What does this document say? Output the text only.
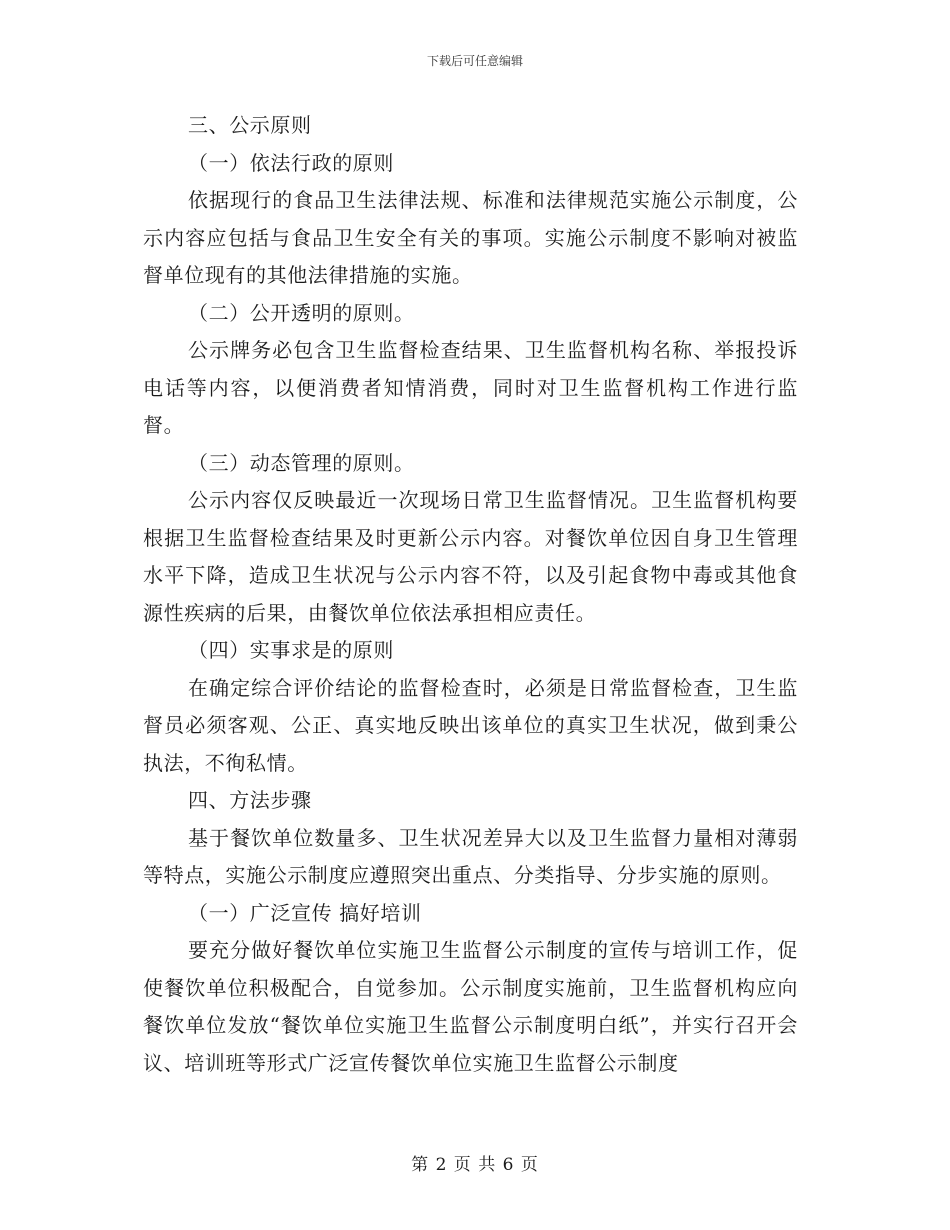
下载后可任意编辑

三、公示原则

（一）依法行政的原则

依据现行的食品卫生法律法规、标准和法律规范实施公示制度，公示内容应包括与食品卫生安全有关的事项。实施公示制度不影响对被监督单位现有的其他法律措施的实施。

（二）公开透明的原则。

公示牌务必包含卫生监督检查结果、卫生监督机构名称、举报投诉电话等内容，以便消费者知情消费，同时对卫生监督机构工作进行监督。

（三）动态管理的原则。

公示内容仅反映最近一次现场日常卫生监督情况。卫生监督机构要根据卫生监督检查结果及时更新公示内容。对餐饮单位因自身卫生管理水平下降，造成卫生状况与公示内容不符，以及引起食物中毒或其他食源性疾病的后果，由餐饮单位依法承担相应责任。

（四）实事求是的原则

在确定综合评价结论的监督检查时，必须是日常监督检查，卫生监督员必须客观、公正、真实地反映出该单位的真实卫生状况，做到秉公执法，不徇私情。

四、方法步骤

基于餐饮单位数量多、卫生状况差异大以及卫生监督力量相对薄弱等特点，实施公示制度应遵照突出重点、分类指导、分步实施的原则。

（一）广泛宣传 搞好培训

要充分做好餐饮单位实施卫生监督公示制度的宣传与培训工作，促使餐饮单位积极配合，自觉参加。公示制度实施前，卫生监督机构应向餐饮单位发放“餐饮单位实施卫生监督公示制度明白纸”，并实行召开会议、培训班等形式广泛宣传餐饮单位实施卫生监督公示制度

第 2 页 共 6 页
